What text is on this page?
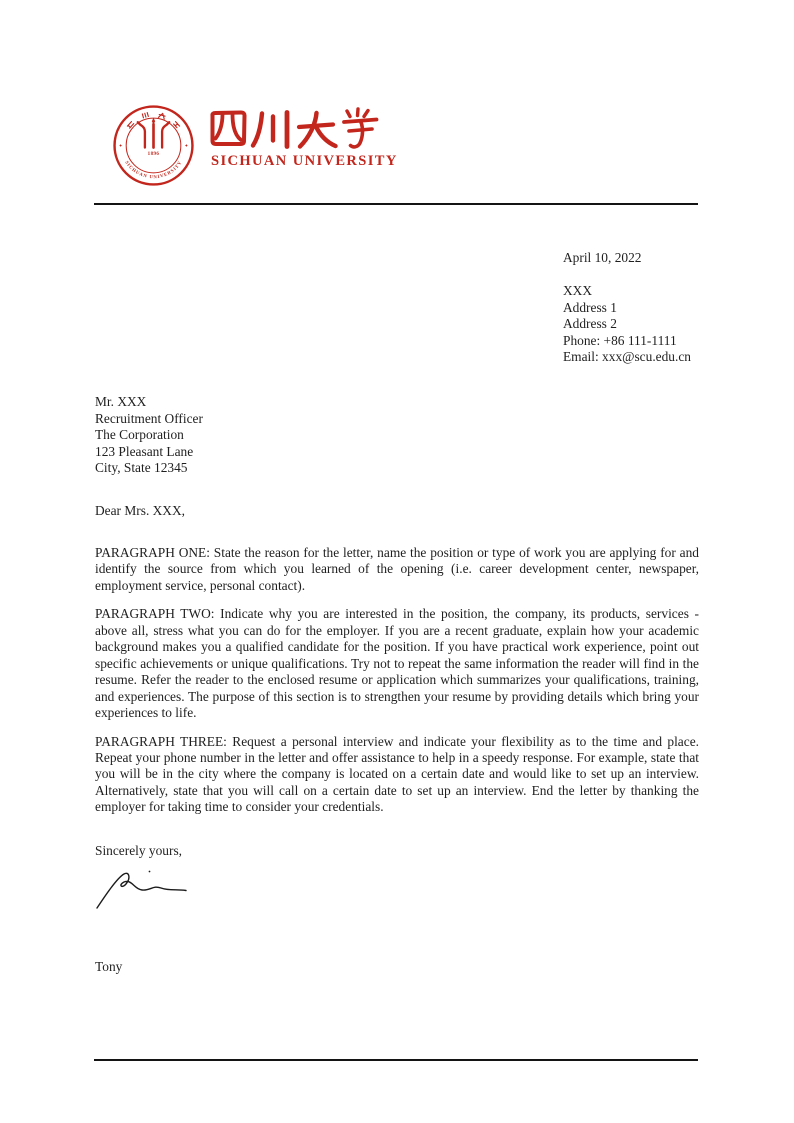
1896
SICHUAN UNIVERSITY SICHUAN UNIVERSITY
April 10, 2022
XXX
Address 1
Address 2
Phone: +86 111-1111
Email: xxx@scu.edu.cn
Mr. XXX
Recruitment Officer
The Corporation
123 Pleasant Lane
City, State 12345
Dear Mrs. XXX,

PARAGRAPH ONE: State the reason for the letter, name the position or type of work you are applying for and identify the source from which you learned of the opening (i.e. career development center, newspaper, employment service, personal contact).

PARAGRAPH TWO: Indicate why you are interested in the position, the company, its products, services - above all, stress what you can do for the employer. If you are a recent graduate, explain how your academic background makes you a qualified candidate for the position. If you have practical work experience, point out specific achievements or unique qualifications. Try not to repeat the same information the reader will find in the resume. Refer the reader to the enclosed resume or application which summarizes your qualifications, training, and experiences. The purpose of this section is to strengthen your resume by providing details which bring your experiences to life.

PARAGRAPH THREE: Request a personal interview and indicate your flexibility as to the time and place. Repeat your phone number in the letter and offer assistance to help in a speedy response. For example, state that you will be in the city where the company is located on a certain date and would like to set up an interview. Alternatively, state that you will call on a certain date to set up an interview. End the letter by thanking the employer for taking time to consider your credentials.

Sincerely yours,
Tony
